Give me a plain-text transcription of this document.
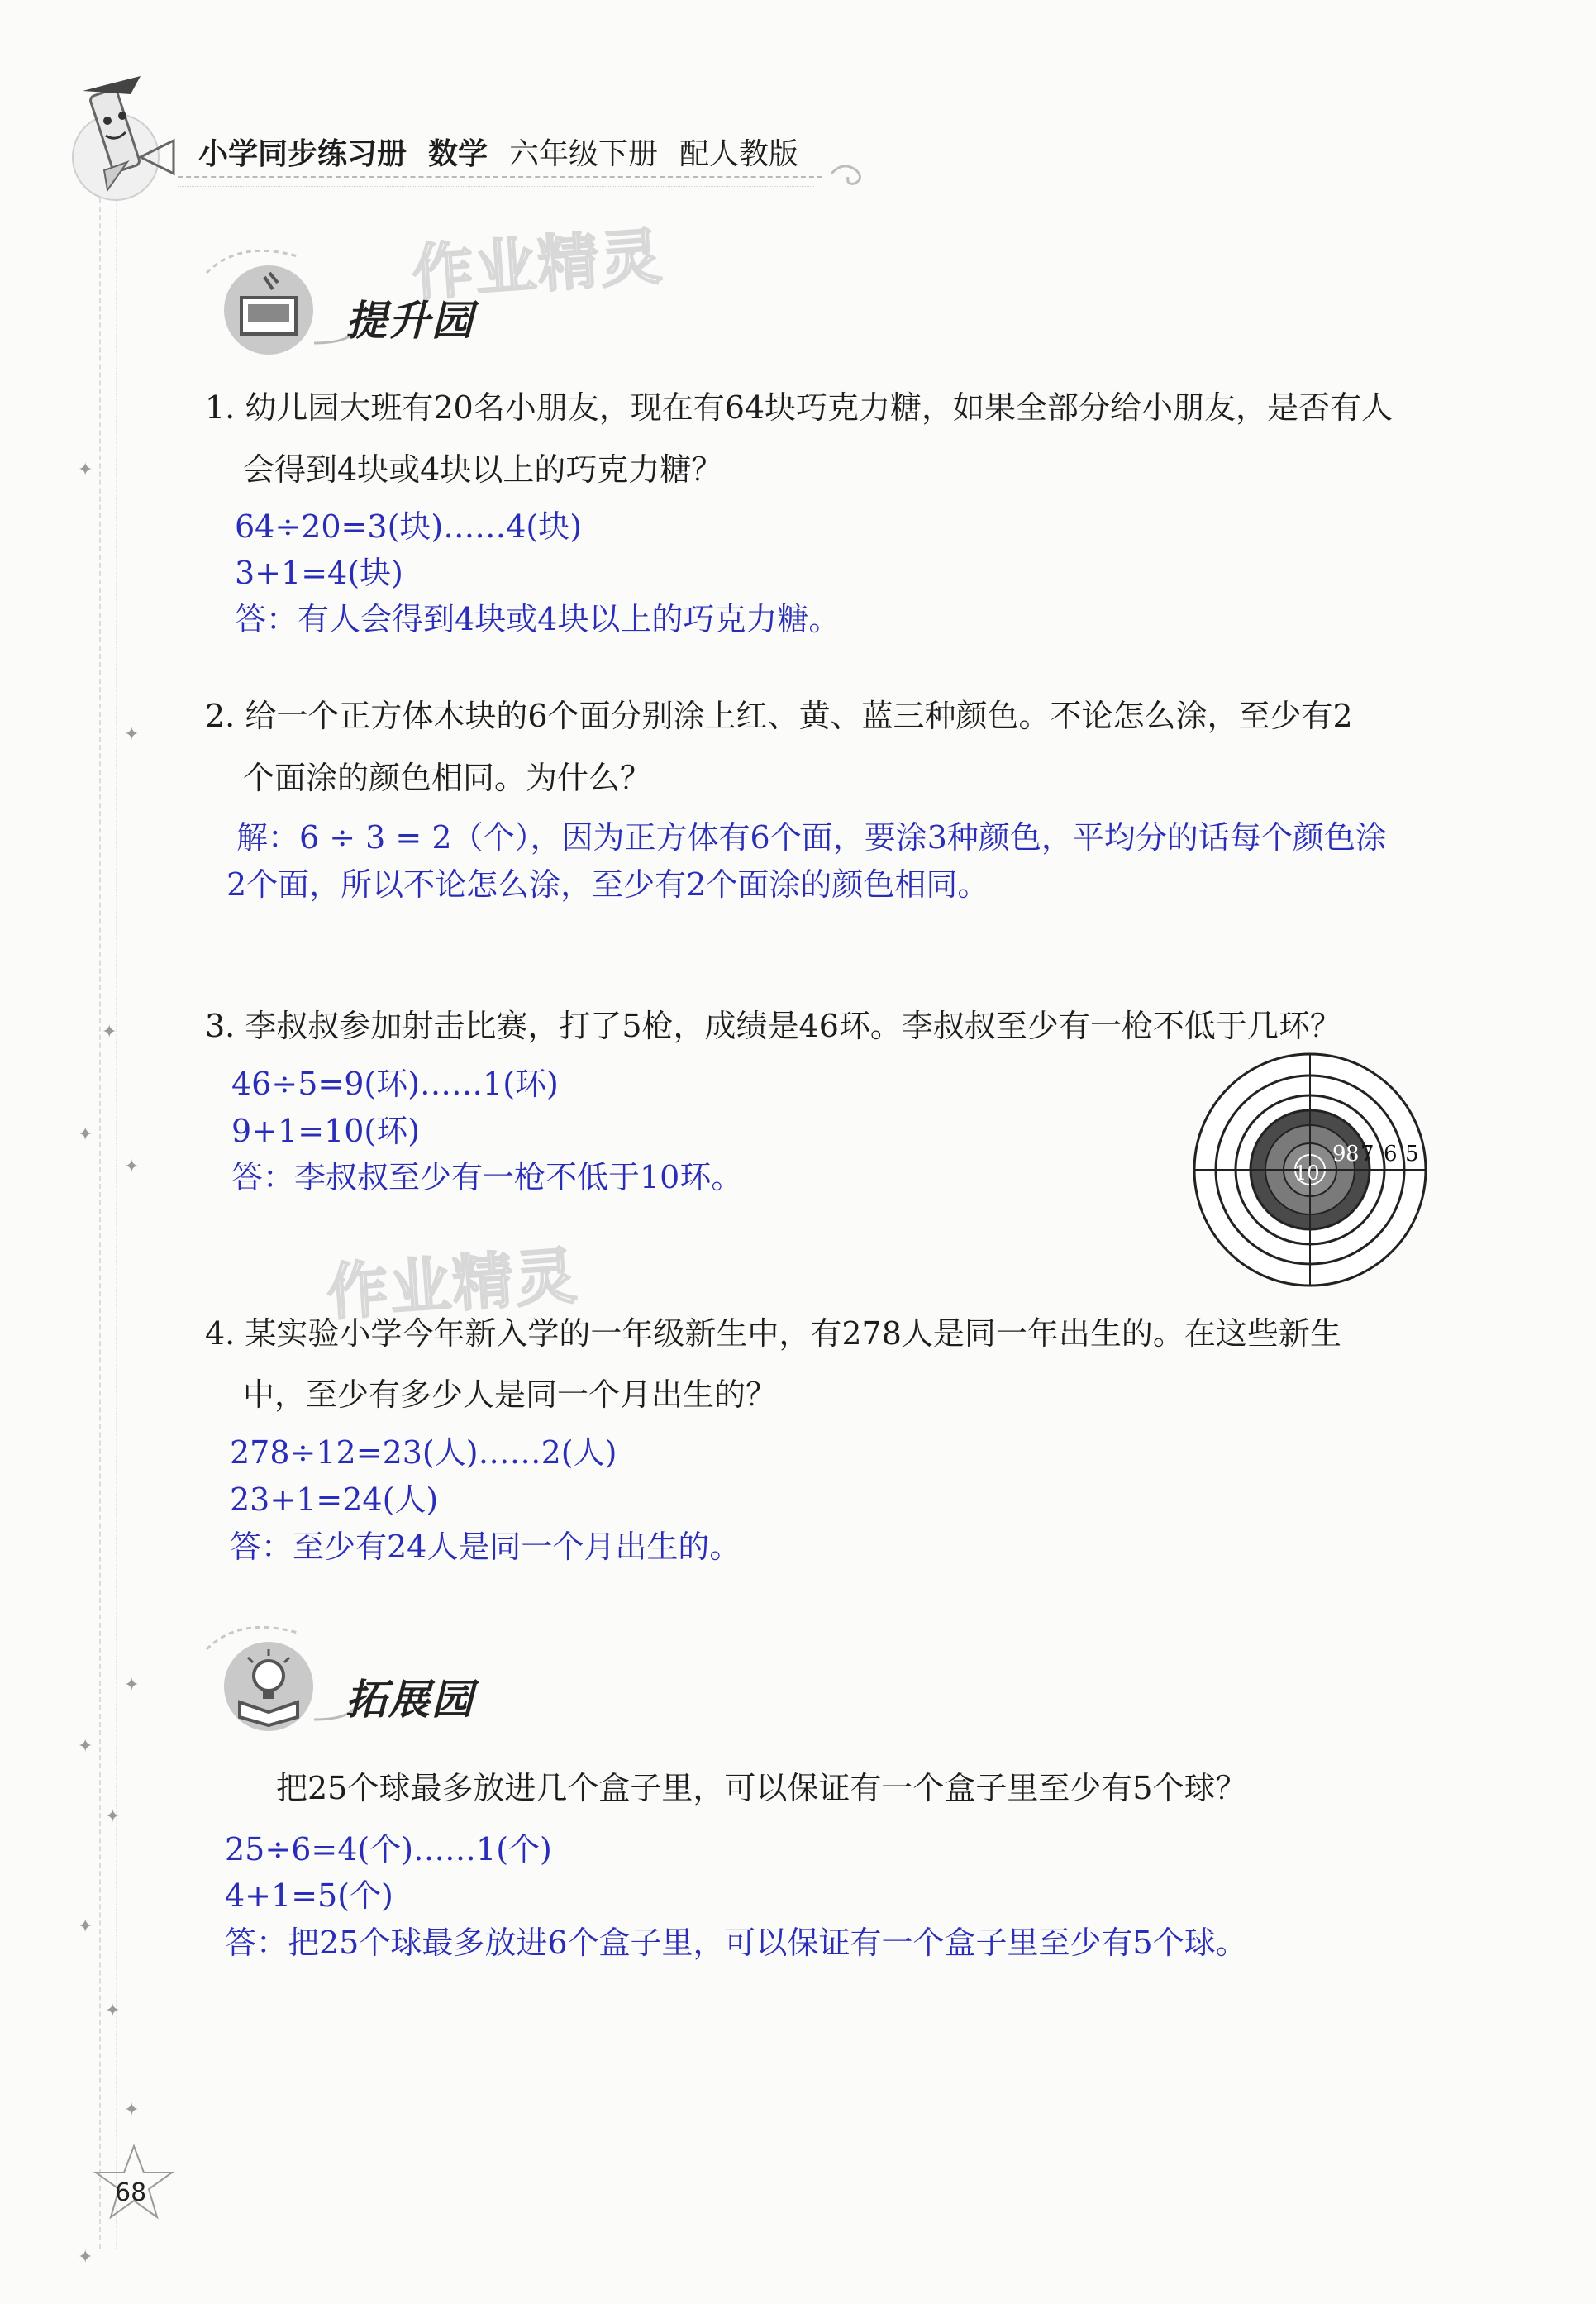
✦
✦
✦
✦
✦
✦
✦
✦
✦
✦
✦
✦
小学同步练习册 数学 六年级下册 配人教版
作业精灵
提升园
1. 幼儿园大班有20名小朋友，现在有64块巧克力糖，如果全部分给小朋友，是否有人
会得到4块或4块以上的巧克力糖？
64÷20=3(块)……4(块)
3+1=4(块)
答：有人会得到4块或4块以上的巧克力糖。
2. 给一个正方体木块的6个面分别涂上红、黄、蓝三种颜色。不论怎么涂，至少有2
个面涂的颜色相同。为什么？
解：6 ÷ 3 = 2（个），因为正方体有6个面，要涂3种颜色，平均分的话每个颜色涂
2个面，所以不论怎么涂，至少有2个面涂的颜色相同。
3. 李叔叔参加射击比赛，打了5枪，成绩是46环。李叔叔至少有一枪不低于几环？
46÷5=9(环)……1(环)
9+1=10(环)
答：李叔叔至少有一枪不低于10环。	10
9 8 7 6 5
作业精灵
4. 某实验小学今年新入学的一年级新生中，有278人是同一年出生的。在这些新生
中，至少有多少人是同一个月出生的？
278÷12=23(人)……2(人)
23+1=24(人)
答：至少有24人是同一个月出生的。
拓展园
把25个球最多放进几个盒子里，可以保证有一个盒子里至少有5个球？
25÷6=4(个)……1(个)
4+1=5(个)
答：把25个球最多放进6个盒子里，可以保证有一个盒子里至少有5个球。
68
